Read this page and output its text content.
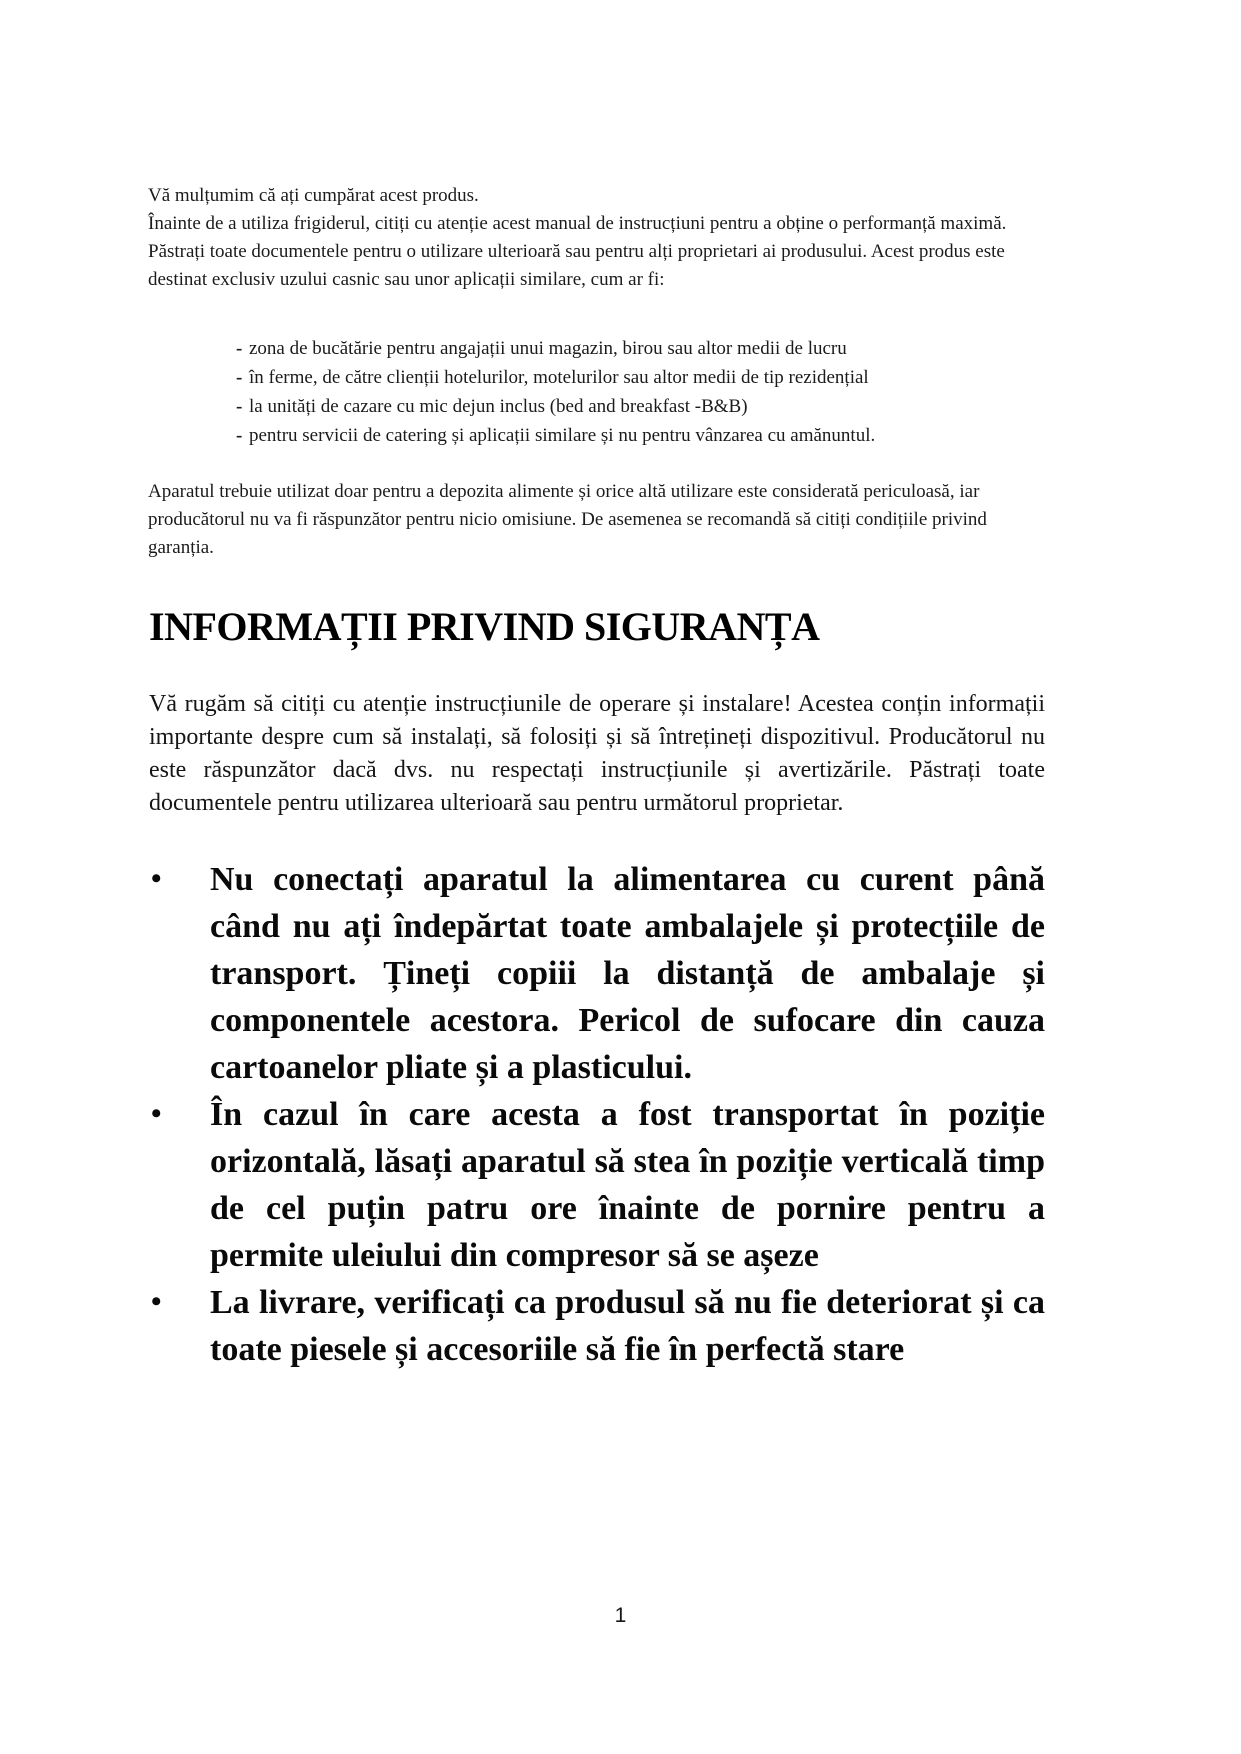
Vă mulțumim că ați cumpărat acest produs.

Înainte de a utiliza frigiderul, citiți cu atenție acest manual de instrucțiuni pentru a obține o performanță maximă. Păstrați toate documentele pentru o utilizare ulterioară sau pentru alți proprietari ai produsului. Acest produs este destinat exclusiv uzului casnic sau unor aplicații similare, cum ar fi:

- zona de bucătărie pentru angajații unui magazin, birou sau altor medii de lucru
- în ferme, de către clienții hotelurilor, motelurilor sau altor medii de tip rezidențial
- la unități de cazare cu mic dejun inclus (bed and breakfast -B&B)
- pentru servicii de catering și aplicații similare și nu pentru vânzarea cu amănuntul.

Aparatul trebuie utilizat doar pentru a depozita alimente și orice altă utilizare este considerată periculoasă, iar producătorul nu va fi răspunzător pentru nicio omisiune. De asemenea se recomandă să citiți condițiile privind garanția.

INFORMAȚII PRIVIND SIGURANȚA

Vă rugăm să citiți cu atenție instrucțiunile de operare și instalare! Acestea conțin informații importante despre cum să instalați, să folosiți și să întrețineți dispozitivul. Producătorul nu este răspunzător dacă dvs. nu respectați instrucțiunile și avertizările. Păstrați toate documentele pentru utilizarea ulterioară sau pentru următorul proprietar.

• Nu conectați aparatul la alimentarea cu curent până când nu ați îndepărtat toate ambalajele și protecțiile de transport. Țineți copiii la distanță de ambalaje și componentele acestora. Pericol de sufocare din cauza cartoanelor pliate și a plasticului.
• În cazul în care acesta a fost transportat în poziție orizontală, lăsați aparatul să stea în poziție verticală timp de cel puțin patru ore înainte de pornire pentru a permite uleiului din compresor să se așeze
• La livrare, verificați ca produsul să nu fie deteriorat și ca toate piesele și accesoriile să fie în perfectă stare
1
